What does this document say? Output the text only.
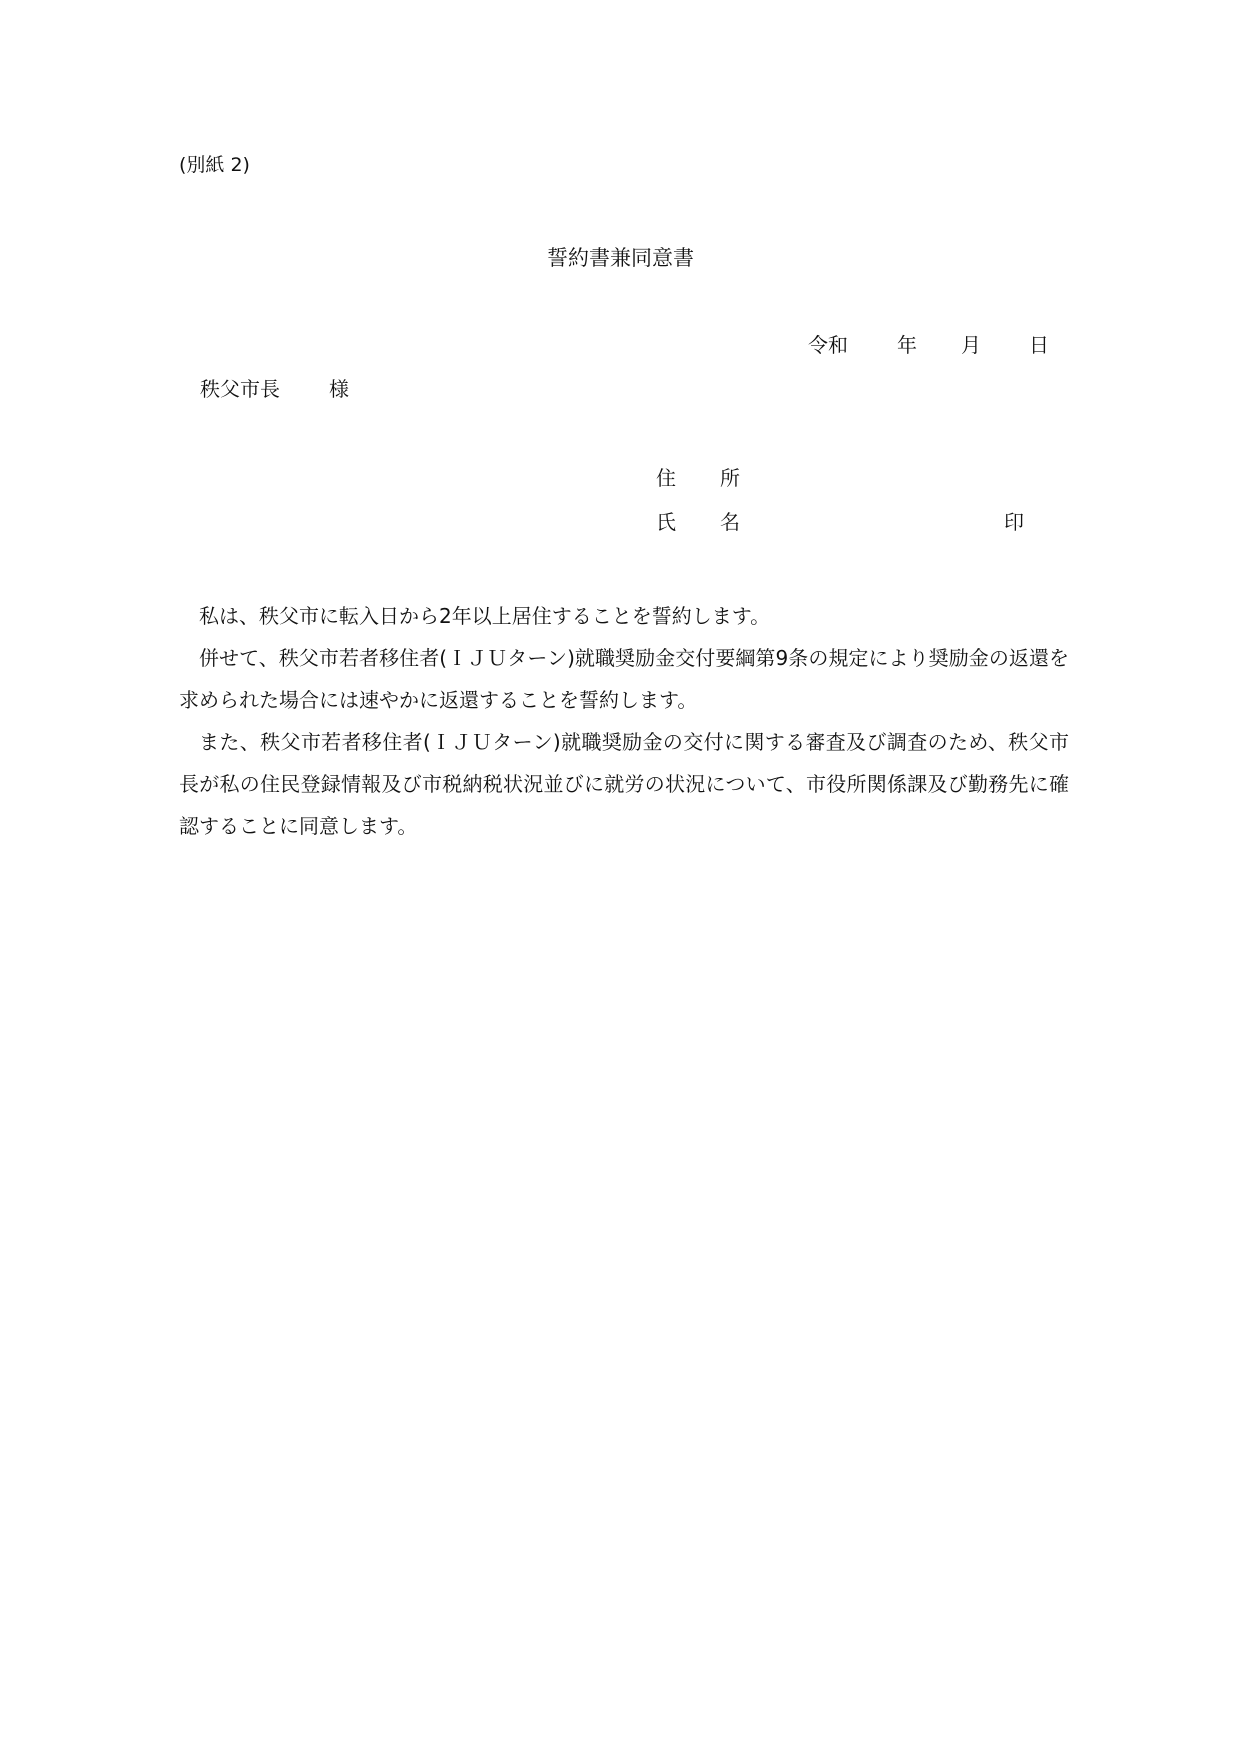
(別紙 2)
誓約書兼同意書
令和 年 月 日
秩父市長 様
住 所
氏 名	印

私は、秩父市に転入日から2年以上居住することを誓約します。

併せて、秩父市若者移住者(ＩＪＵターン)就職奨励金交付要綱第9条の規定により奨励金の返還を求められた場合には速やかに返還することを誓約します。

また、秩父市若者移住者(ＩＪＵターン)就職奨励金の交付に関する審査及び調査のため、秩父市長が私の住民登録情報及び市税納税状況並びに就労の状況について、市役所関係課及び勤務先に確認することに同意します。
